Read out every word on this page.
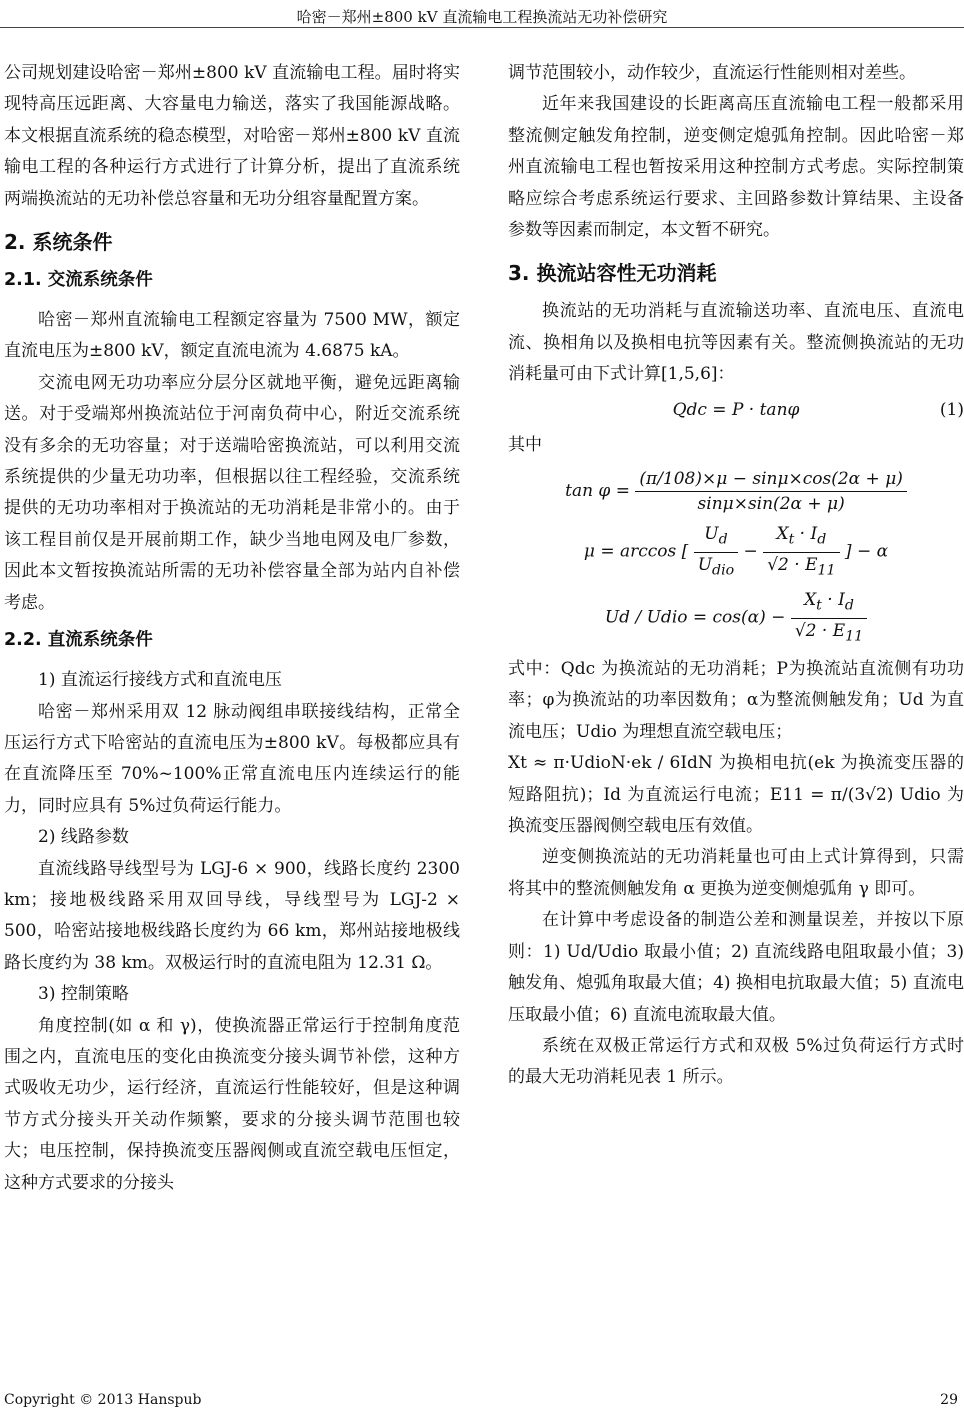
哈密－郑州±800 kV 直流输电工程换流站无功补偿研究

公司规划建设哈密－郑州±800 kV 直流输电工程。届时将实现特高压远距离、大容量电力输送，落实了我国能源战略。本文根据直流系统的稳态模型，对哈密－郑州±800 kV 直流输电工程的各种运行方式进行了计算分析，提出了直流系统两端换流站的无功补偿总容量和无功分组容量配置方案。

2. 系统条件
2.1. 交流系统条件

哈密－郑州直流输电工程额定容量为 7500 MW，额定直流电压为±800 kV，额定直流电流为 4.6875 kA。

交流电网无功功率应分层分区就地平衡，避免远距离输送。对于受端郑州换流站位于河南负荷中心，附近交流系统没有多余的无功容量；对于送端哈密换流站，可以利用交流系统提供的少量无功功率，但根据以往工程经验，交流系统提供的无功功率相对于换流站的无功消耗是非常小的。由于该工程目前仅是开展前期工作，缺少当地电网及电厂参数，因此本文暂按换流站所需的无功补偿容量全部为站内自补偿考虑。

2.2. 直流系统条件

1) 直流运行接线方式和直流电压

哈密－郑州采用双 12 脉动阀组串联接线结构，正常全压运行方式下哈密站的直流电压为±800 kV。每极都应具有在直流降压至 70%~100%正常直流电压内连续运行的能力，同时应具有 5%过负荷运行能力。

2) 线路参数

直流线路导线型号为 LGJ-6 × 900，线路长度约 2300 km；接地极线路采用双回导线，导线型号为 LGJ-2 × 500，哈密站接地极线路长度约为 66 km，郑州站接地极线路长度约为 38 km。双极运行时的直流电阻为 12.31 Ω。

3) 控制策略

角度控制(如 α 和 γ)，使换流器正常运行于控制角度范围之内，直流电压的变化由换流变分接头调节补偿，这种方式吸收无功少，运行经济，直流运行性能较好，但是这种调节方式分接头开关动作频繁，要求的分接头调节范围也较大；电压控制，保持换流变压器阀侧或直流空载电压恒定，这种方式要求的分接头

调节范围较小，动作较少，直流运行性能则相对差些。

近年来我国建设的长距离高压直流输电工程一般都采用整流侧定触发角控制，逆变侧定熄弧角控制。因此哈密－郑州直流输电工程也暂按采用这种控制方式考虑。实际控制策略应综合考虑系统运行要求、主回路参数计算结果、主设备参数等因素而制定，本文暂不研究。

3. 换流站容性无功消耗

换流站的无功消耗与直流输送功率、直流电压、直流电流、换相角以及换相电抗等因素有关。整流侧换流站的无功消耗量可由下式计算[1,5,6]：

Qdc = P · tanφ	(1)

其中

$\tan \varphi = \frac{(\pi/108)\times\mu - \sin\mu\times\cos(2\alpha + \mu)}{\sin\mu\times\sin(2\alpha + \mu)}$
μ = arccos [ $\frac{U_d}{U_{dio}} - \frac{X_t \cdot I_d}{√2 \cdot E_{11}}$ ] − α
Ud / Udio = $\cos(\alpha) - \frac{X_t \cdot I_d}{√2 \cdot E_{11}}$

式中：Qdc 为换流站的无功消耗；P为换流站直流侧有功功率；φ为换流站的功率因数角；α为整流侧触发角；Ud 为直流电压；Udio 为理想直流空载电压；

Xt ≈ π·UdioN·ek / 6IdN 为换相电抗(ek 为换流变压器的短路阻抗)；Id 为直流运行电流；E11 = π/(3√2) Udio 为换流变压器阀侧空载电压有效值。

逆变侧换流站的无功消耗量也可由上式计算得到，只需将其中的整流侧触发角 α 更换为逆变侧熄弧角 γ 即可。

在计算中考虑设备的制造公差和测量误差，并按以下原则：1) Ud/Udio 取最小值；2) 直流线路电阻取最小值；3) 触发角、熄弧角取最大值；4) 换相电抗取最大值；5) 直流电压取最小值；6) 直流电流取最大值。

系统在双极正常运行方式和双极 5%过负荷运行方式时的最大无功消耗见表 1 所示。

Copyright © 2013 Hanspub	29
